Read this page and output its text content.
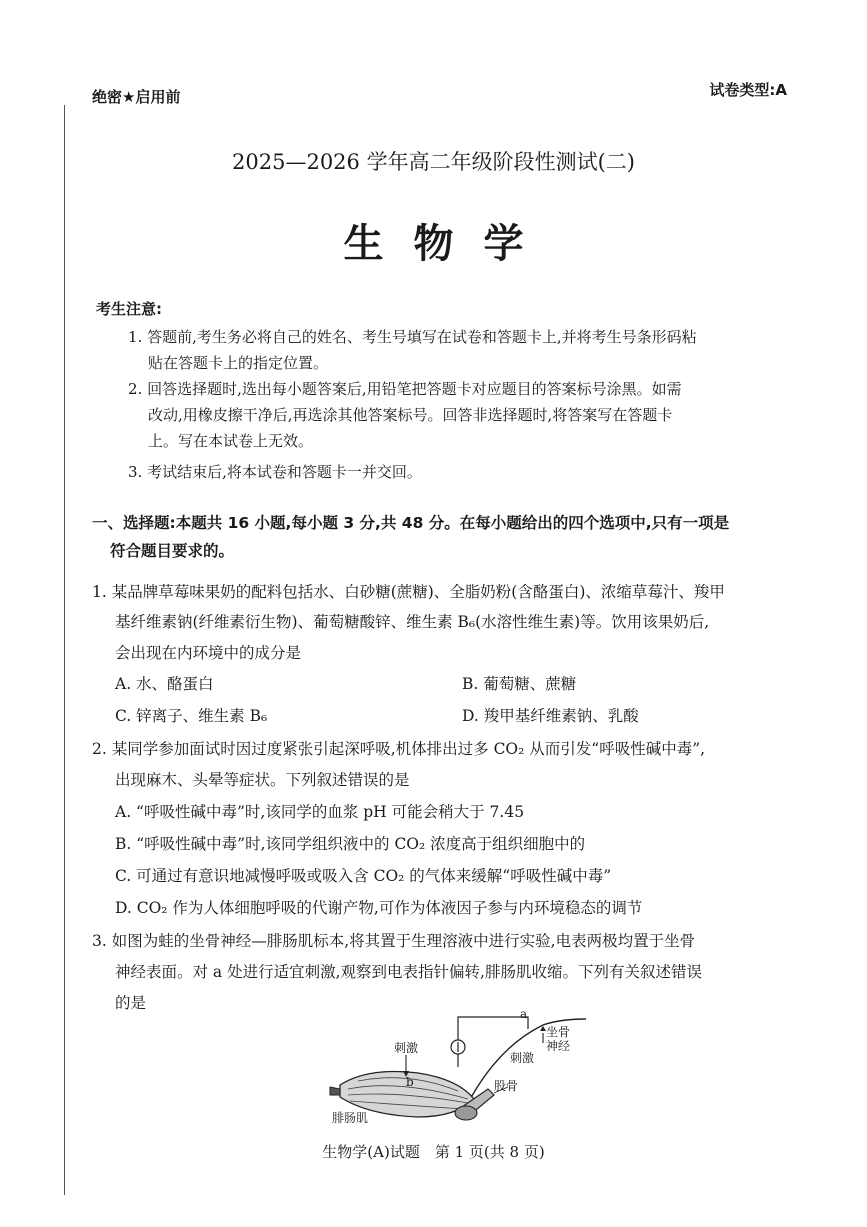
绝密★启用前	试卷类型:A
2025—2026 学年高二年级阶段性测试(二)
生物学
考生注意:
1. 答题前,考生务必将自己的姓名、考生号填写在试卷和答题卡上,并将考生号条形码粘
贴在答题卡上的指定位置。
2. 回答选择题时,选出每小题答案后,用铅笔把答题卡对应题目的答案标号涂黑。如需
改动,用橡皮擦干净后,再选涂其他答案标号。回答非选择题时,将答案写在答题卡
上。写在本试卷上无效。
3. 考试结束后,将本试卷和答题卡一并交回。
一、选择题:本题共 16 小题,每小题 3 分,共 48 分。在每小题给出的四个选项中,只有一项是
符合题目要求的。
1. 某品牌草莓味果奶的配料包括水、白砂糖(蔗糖)、全脂奶粉(含酪蛋白)、浓缩草莓汁、羧甲
基纤维素钠(纤维素衍生物)、葡萄糖酸锌、维生素 B₆(水溶性维生素)等。饮用该果奶后,
会出现在内环境中的成分是
A. 水、酪蛋白	B. 葡萄糖、蔗糖
C. 锌离子、维生素 B₆	D. 羧甲基纤维素钠、乳酸
2. 某同学参加面试时因过度紧张引起深呼吸,机体排出过多 CO₂ 从而引发“呼吸性碱中毒”,
出现麻木、头晕等症状。下列叙述错误的是
A. “呼吸性碱中毒”时,该同学的血浆 pH 可能会稍大于 7.45
B. “呼吸性碱中毒”时,该同学组织液中的 CO₂ 浓度高于组织细胞中的
C. 可通过有意识地减慢呼吸或吸入含 CO₂ 的气体来缓解“呼吸性碱中毒”
D. CO₂ 作为人体细胞呼吸的代谢产物,可作为体液因子参与内环境稳态的调节
3. 如图为蛙的坐骨神经—腓肠肌标本,将其置于生理溶液中进行实验,电表两极均置于坐骨
神经表面。对 a 处进行适宜刺激,观察到电表指针偏转,腓肠肌收缩。下列有关叙述错误
的是
刺激
刺激
a
b
腓肠肌
股骨
坐骨
神经
生物学(A)试题　第 1 页(共 8 页)
